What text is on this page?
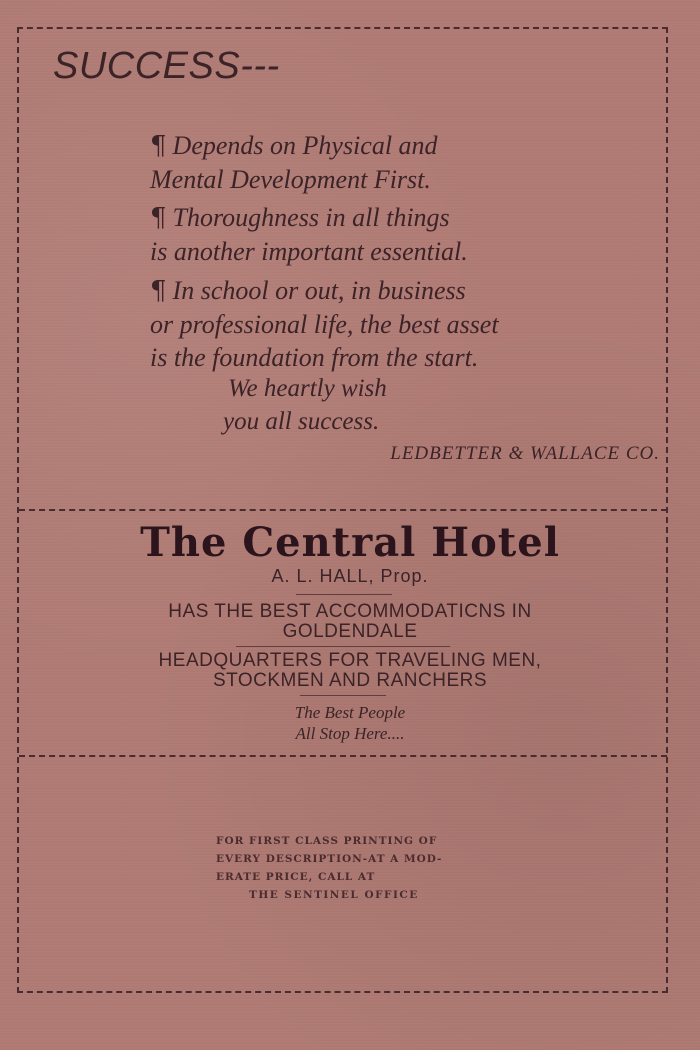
SUCCESS---
¶ Depends on Physical and
Mental Development First.
¶ Thoroughness in all things
is another important essential.
¶ In school or out, in business
or professional life, the best asset
is the foundation from the start.
We heartly wish
you all success.
LEDBETTER & WALLACE CO.
The Central Hotel
A. L. HALL, Prop.
HAS THE BEST ACCOMMODATICNS IN
GOLDENDALE
HEADQUARTERS FOR TRAVELING MEN,
STOCKMEN AND RANCHERS
The Best People
All Stop Here....
FOR FIRST CLASS PRINTING OF
EVERY DESCRIPTION-AT A MOD-
ERATE PRICE, CALL AT
THE SENTINEL OFFICE
